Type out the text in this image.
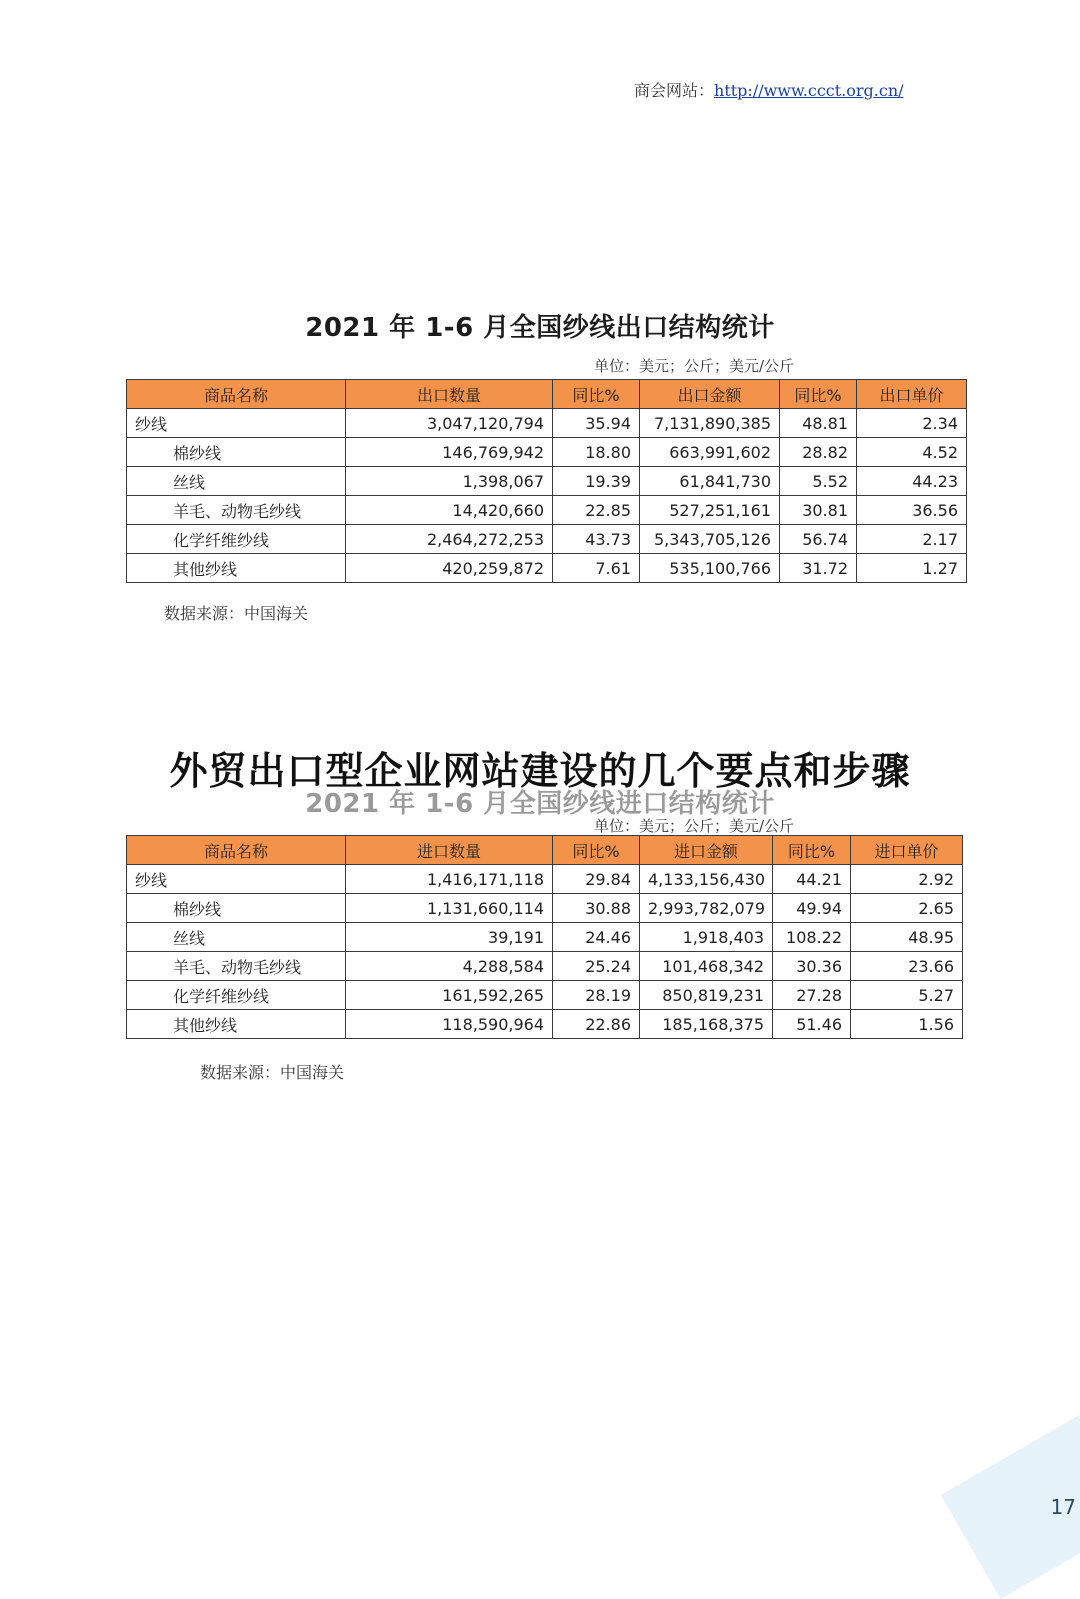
商会网站：http://www.ccct.org.cn/
2021 年 1-6 月全国纱线出口结构统计
单位：美元；公斤；美元/公斤
商品名称	出口数量	同比%	出口金额	同比%	出口单价
纱线	3,047,120,794	35.94	7,131,890,385	48.81	2.34
棉纱线	146,769,942	18.80	663,991,602	28.82	4.52
丝线	1,398,067	19.39	61,841,730	5.52	44.23
羊毛、动物毛纱线	14,420,660	22.85	527,251,161	30.81	36.56
化学纤维纱线	2,464,272,253	43.73	5,343,705,126	56.74	2.17
其他纱线	420,259,872	7.61	535,100,766	31.72	1.27
数据来源：中国海关
2021 年 1-6 月全国纱线进口结构统计
单位：美元；公斤；美元/公斤
外贸出口型企业网站建设的几个要点和步骤
商品名称	进口数量	同比%	进口金额	同比%	进口单价
纱线	1,416,171,118	29.84	4,133,156,430	44.21	2.92
棉纱线	1,131,660,114	30.88	2,993,782,079	49.94	2.65
丝线	39,191	24.46	1,918,403	108.22	48.95
羊毛、动物毛纱线	4,288,584	25.24	101,468,342	30.36	23.66
化学纤维纱线	161,592,265	28.19	850,819,231	27.28	5.27
其他纱线	118,590,964	22.86	185,168,375	51.46	1.56
数据来源：中国海关
17
